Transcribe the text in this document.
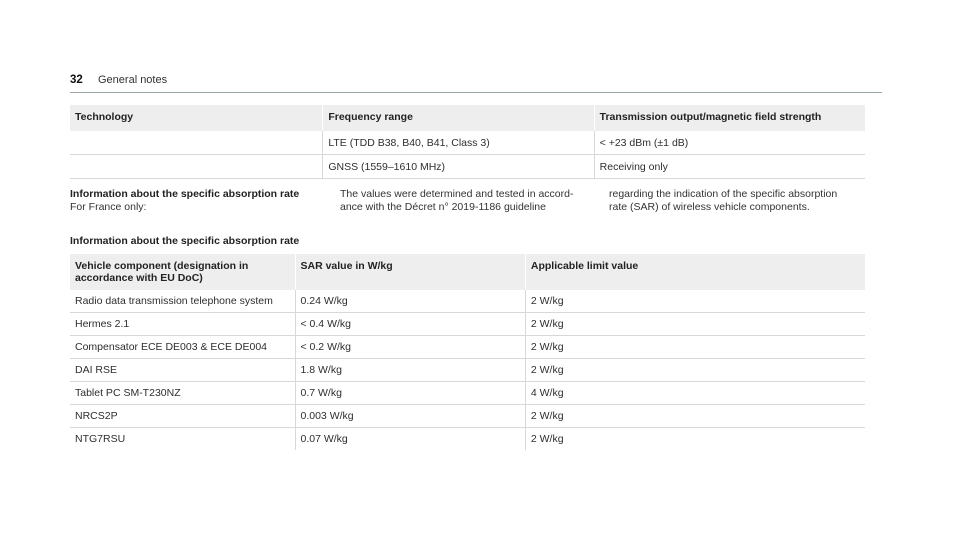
32 General notes
Technology	Frequency range	Transmission output/magnetic field strength
	LTE (TDD B38, B40, B41, Class 3)	< +23 dBm (±1 dB)
	GNSS (1559–1610 MHz)	Receiving only
Information about the specific absorption rate
For France only:
The values were determined and tested in accord-
ance with the Décret n° 2019-1186 guideline
regarding the indication of the specific absorption
rate (SAR) of wireless vehicle components.
Information about the specific absorption rate
Vehicle component (designation in accordance with EU DoC)	SAR value in W/kg	Applicable limit value
Radio data transmission telephone system	0.24 W/kg	2 W/kg
Hermes 2.1	< 0.4 W/kg	2 W/kg
Compensator ECE DE003 & ECE DE004	< 0.2 W/kg	2 W/kg
DAI RSE	1.8 W/kg	2 W/kg
Tablet PC SM-T230NZ	0.7 W/kg	4 W/kg
NRCS2P	0.003 W/kg	2 W/kg
NTG7RSU	0.07 W/kg	2 W/kg
